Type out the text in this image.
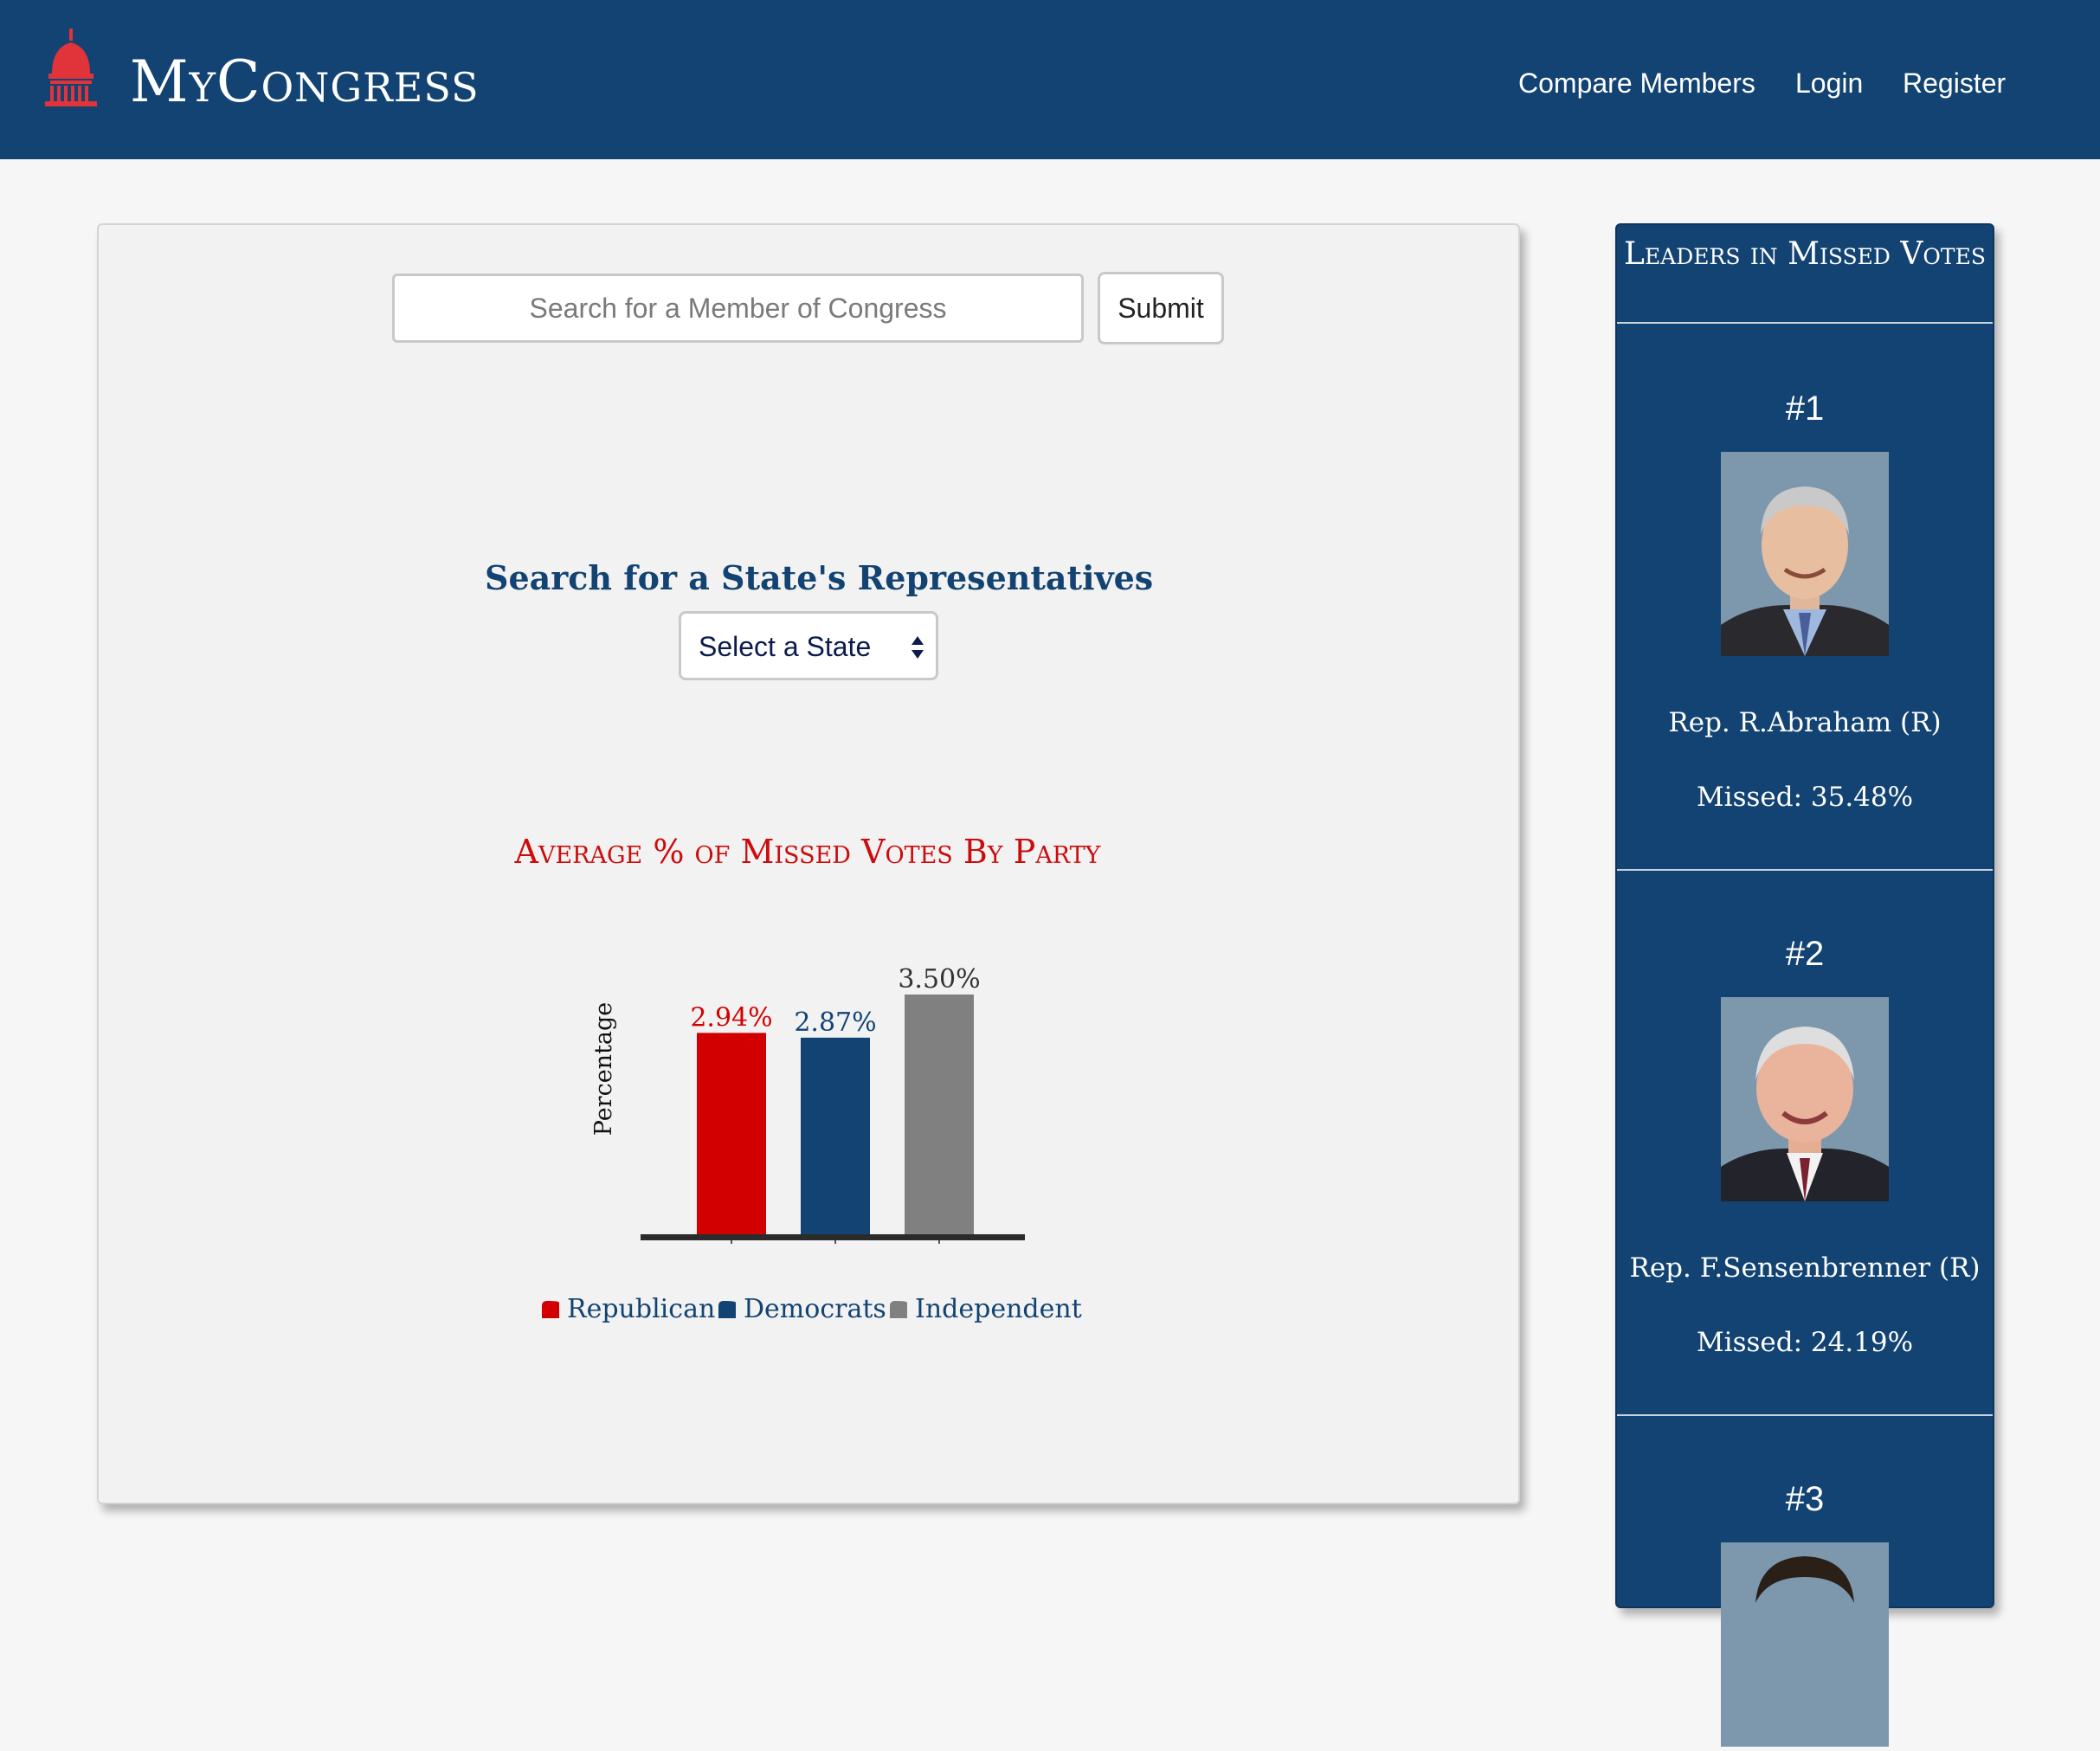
MyCongress	Compare Members Login Register
Search for a Member of Congress
Submit
Search for a State's Representatives
Select a State
Average % of Missed Votes By Party
Percentage	2.94% 2.87%
3.50%
Republican Democrats Independent
Leaders in Missed Votes
#1
Rep. R.Abraham (R)
Missed: 35.48%
#2
Rep. F.Sensenbrenner (R)
Missed: 24.19%
#3
